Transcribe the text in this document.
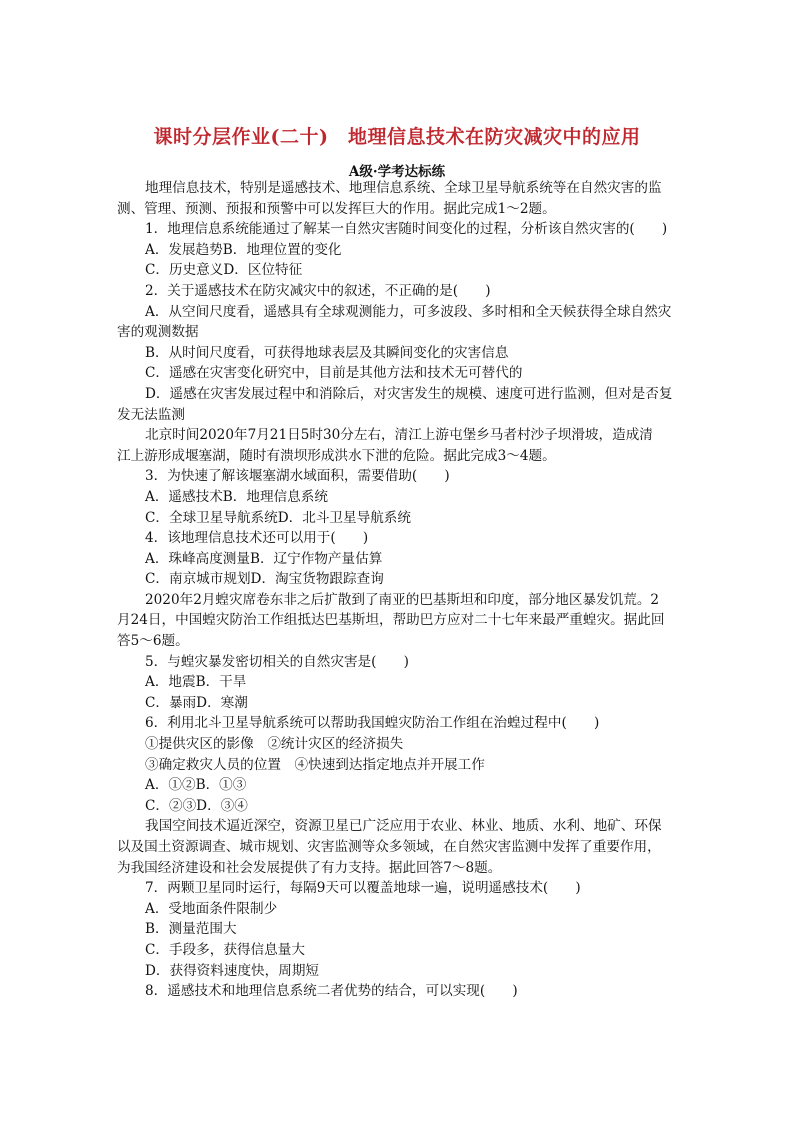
课时分层作业(二十)　地理信息技术在防灾减灾中的应用
A级·学考达标练
地理信息技术，特别是遥感技术、地理信息系统、全球卫星导航系统等在自然灾害的监
测、管理、预测、预报和预警中可以发挥巨大的作用。据此完成1～2题。
1．地理信息系统能通过了解某一自然灾害随时间变化的过程，分析该自然灾害的(　　)
A．发展趋势B．地理位置的变化
C．历史意义D．区位特征
2．关于遥感技术在防灾减灾中的叙述，不正确的是(　　)
A．从空间尺度看，遥感具有全球观测能力，可多波段、多时相和全天候获得全球自然灾
害的观测数据
B．从时间尺度看，可获得地球表层及其瞬间变化的灾害信息
C．遥感在灾害变化研究中，目前是其他方法和技术无可替代的
D．遥感在灾害发展过程中和消除后，对灾害发生的规模、速度可进行监测，但对是否复
发无法监测
北京时间2020年7月21日5时30分左右，清江上游屯堡乡马者村沙子坝滑坡，造成清
江上游形成堰塞湖，随时有溃坝形成洪水下泄的危险。据此完成3～4题。
3．为快速了解该堰塞湖水域面积，需要借助(　　)
A．遥感技术B．地理信息系统
C．全球卫星导航系统D．北斗卫星导航系统
4．该地理信息技术还可以用于(　　)
A．珠峰高度测量B．辽宁作物产量估算
C．南京城市规划D．淘宝货物跟踪查询
2020年2月蝗灾席卷东非之后扩散到了南亚的巴基斯坦和印度，部分地区暴发饥荒。2
月24日，中国蝗灾防治工作组抵达巴基斯坦，帮助巴方应对二十七年来最严重蝗灾。据此回
答5～6题。
5．与蝗灾暴发密切相关的自然灾害是(　　)
A．地震B．干旱
C．暴雨D．寒潮
6．利用北斗卫星导航系统可以帮助我国蝗灾防治工作组在治蝗过程中(　　)
①提供灾区的影像　②统计灾区的经济损失
③确定救灾人员的位置　④快速到达指定地点并开展工作
A．①②B．①③
C．②③D．③④
我国空间技术逼近深空，资源卫星已广泛应用于农业、林业、地质、水利、地矿、环保
以及国土资源调查、城市规划、灾害监测等众多领域，在自然灾害监测中发挥了重要作用，
为我国经济建设和社会发展提供了有力支持。据此回答7～8题。
7．两颗卫星同时运行，每隔9天可以覆盖地球一遍，说明遥感技术(　　)
A．受地面条件限制少
B．测量范围大
C．手段多，获得信息量大
D．获得资料速度快，周期短
8．遥感技术和地理信息系统二者优势的结合，可以实现(　　)
